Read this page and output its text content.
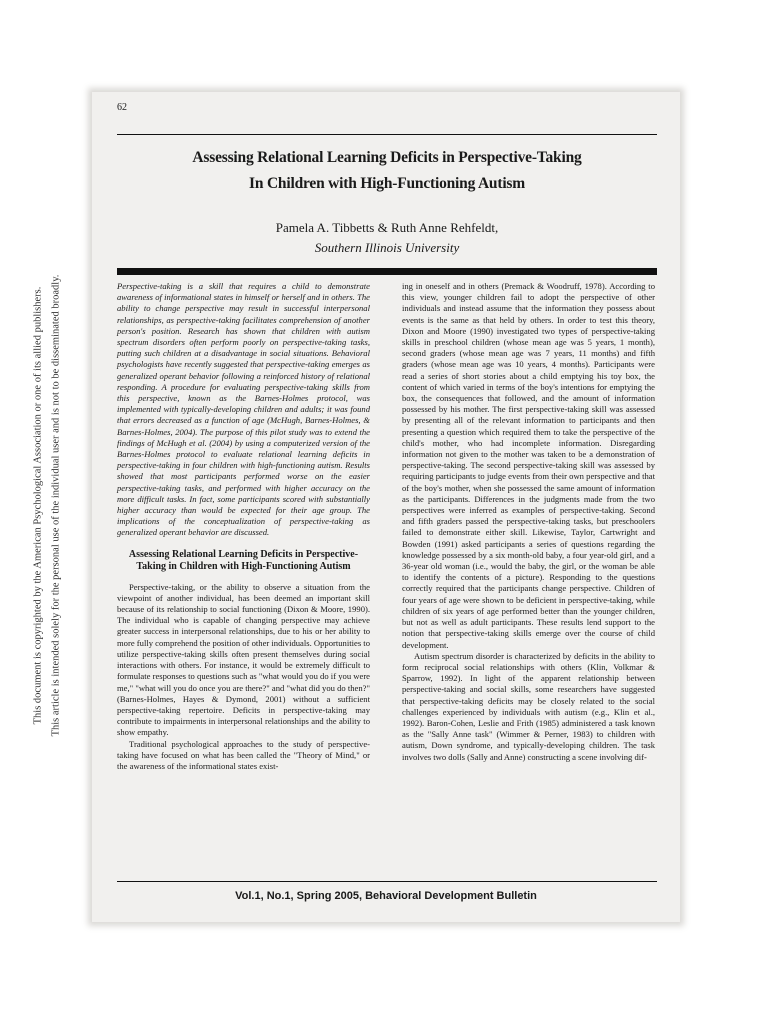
This document is copyrighted by the American Psychological Association or one of its allied publishers. This article is intended solely for the personal use of the individual user and is not to be disseminated broadly.
62
Assessing Relational Learning Deficits in Perspective-Taking
In Children with High-Functioning Autism
Pamela A. Tibbetts & Ruth Anne Rehfeldt,
Southern Illinois University

Perspective-taking is a skill that requires a child to demonstrate awareness of informational states in himself or herself and in others. The ability to change perspective may result in successful interpersonal relationships, as perspective-taking facilitates comprehension of another person's position. Research has shown that children with autism spectrum disorders often perform poorly on perspective-taking tasks, putting such children at a disadvantage in social situations. Behavioral psychologists have recently suggested that perspective-taking emerges as generalized operant behavior following a reinforced history of relational responding. A procedure for evaluating perspective-taking skills from this perspective, known as the Barnes-Holmes protocol, was implemented with typically-developing children and adults; it was found that errors decreased as a function of age (McHugh, Barnes-Holmes, & Barnes-Holmes, 2004). The purpose of this pilot study was to extend the findings of McHugh et al. (2004) by using a computerized version of the Barnes-Holmes protocol to evaluate relational learning deficits in perspective-taking in four children with high-functioning autism. Results showed that most participants performed worse on the easier perspective-taking tasks, and performed with higher accuracy on the more difficult tasks. In fact, some participants scored with substantially higher accuracy than would be expected for their age group. The implications of the conceptualization of perspective-taking as generalized operant behavior are discussed.

Assessing Relational Learning Deficits in Perspective-Taking in Children with High-Functioning Autism

Perspective-taking, or the ability to observe a situation from the viewpoint of another individual, has been deemed an important skill because of its relationship to social functioning (Dixon & Moore, 1990). The individual who is capable of changing perspective may achieve greater success in interpersonal relationships, due to his or her ability to more fully comprehend the position of other individuals. Opportunities to utilize perspective-taking skills often present themselves during social interactions with others. For instance, it would be extremely difficult to formulate responses to questions such as "what would you do if you were me," "what will you do once you are there?" and "what did you do then?" (Barnes-Holmes, Hayes & Dymond, 2001) without a sufficient perspective-taking repertoire. Deficits in perspective-taking may contribute to impairments in interpersonal relationships and the ability to show empathy.

Traditional psychological approaches to the study of perspective-taking have focused on what has been called the "Theory of Mind," or the awareness of the informational states exist-

ing in oneself and in others (Premack & Woodruff, 1978). According to this view, younger children fail to adopt the perspective of other individuals and instead assume that the information they possess about events is the same as that held by others. In order to test this theory, Dixon and Moore (1990) investigated two types of perspective-taking skills in preschool children (whose mean age was 5 years, 1 month), second graders (whose mean age was 7 years, 11 months) and fifth graders (whose mean age was 10 years, 4 months). Participants were read a series of short stories about a child emptying his toy box, the content of which varied in terms of the boy's intentions for emptying the box, the consequences that followed, and the amount of information possessed by his mother. The first perspective-taking skill was assessed by presenting all of the relevant information to participants and then presenting a question which required them to take the perspective of the child's mother, who had incomplete information. Disregarding information not given to the mother was taken to be a demonstration of perspective-taking. The second perspective-taking skill was assessed by requiring participants to judge events from their own perspective and that of the boy's mother, when she possessed the same amount of information as the participants. Differences in the judgments made from the two perspectives were inferred as examples of perspective-taking. Second and fifth graders passed the perspective-taking tasks, but preschoolers failed to demonstrate either skill. Likewise, Taylor, Cartwright and Bowden (1991) asked participants a series of questions regarding the knowledge possessed by a six month-old baby, a four year-old girl, and a 36-year old woman (i.e., would the baby, the girl, or the woman be able to identify the contents of a picture). Responding to the questions correctly required that the participants change perspective. Children of four years of age were shown to be deficient in perspective-taking, while children of six years of age performed better than the younger children, but not as well as adult participants. These results lend support to the notion that perspective-taking skills emerge over the course of child development.

Autism spectrum disorder is characterized by deficits in the ability to form reciprocal social relationships with others (Klin, Volkmar & Sparrow, 1992). In light of the apparent relationship between perspective-taking and social skills, some researchers have suggested that perspective-taking deficits may be closely related to the social challenges experienced by individuals with autism (e.g., Klin et al., 1992). Baron-Cohen, Leslie and Frith (1985) administered a task known as the "Sally Anne task" (Wimmer & Perner, 1983) to children with autism, Down syndrome, and typically-developing children. The task involves two dolls (Sally and Anne) constructing a scene involving dif-

Vol.1, No.1, Spring 2005, Behavioral Development Bulletin
